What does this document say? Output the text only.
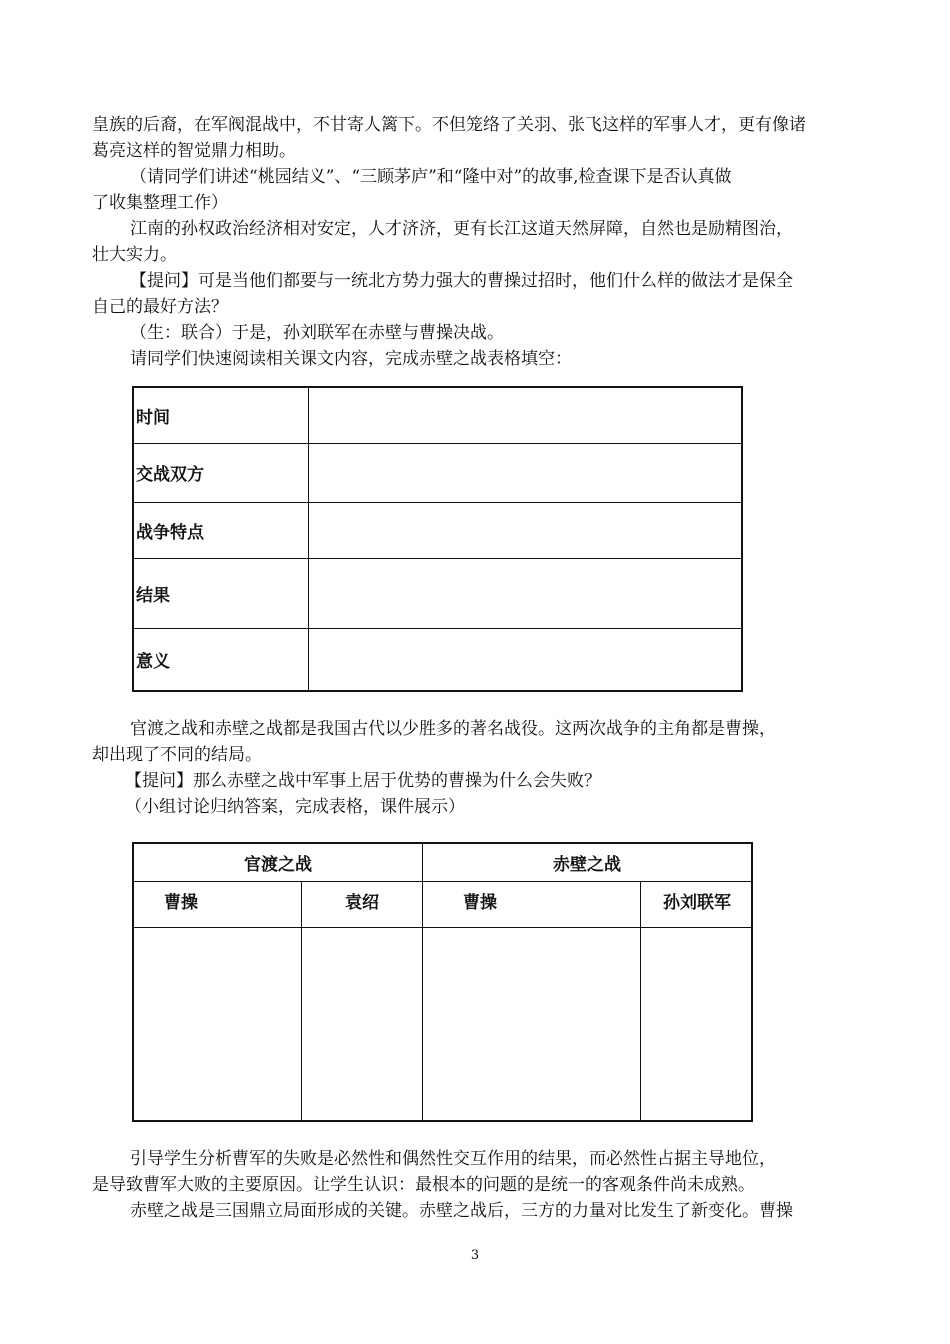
皇族的后裔，在军阀混战中，不甘寄人篱下。不但笼络了关羽、张飞这样的军事人才，更有像诸
葛亮这样的智觉鼎力相助。
（请同学们讲述“桃园结义”、“三顾茅庐”和“隆中对”的故事,检查课下是否认真做
了收集整理工作）
江南的孙权政治经济相对安定，人才济济，更有长江这道天然屏障，自然也是励精图治，
壮大实力。
【提问】可是当他们都要与一统北方势力强大的曹操过招时，他们什么样的做法才是保全
自己的最好方法？
（生：联合）于是，孙刘联军在赤壁与曹操决战。
请同学们快速阅读相关课文内容，完成赤壁之战表格填空：
时间	
交战双方	
战争特点	
结果	
意义	
官渡之战和赤壁之战都是我国古代以少胜多的著名战役。这两次战争的主角都是曹操，
却出现了不同的结局。
【提问】那么赤壁之战中军事上居于优势的曹操为什么会失败？
（小组讨论归纳答案，完成表格，课件展示）
官渡之战		赤壁之战	
曹操	袁绍	曹操	孙刘联军

引导学生分析曹军的失败是必然性和偶然性交互作用的结果，而必然性占据主导地位，
是导致曹军大败的主要原因。让学生认识：最根本的问题的是统一的客观条件尚未成熟。
赤壁之战是三国鼎立局面形成的关键。赤壁之战后，三方的力量对比发生了新变化。曹操
3
